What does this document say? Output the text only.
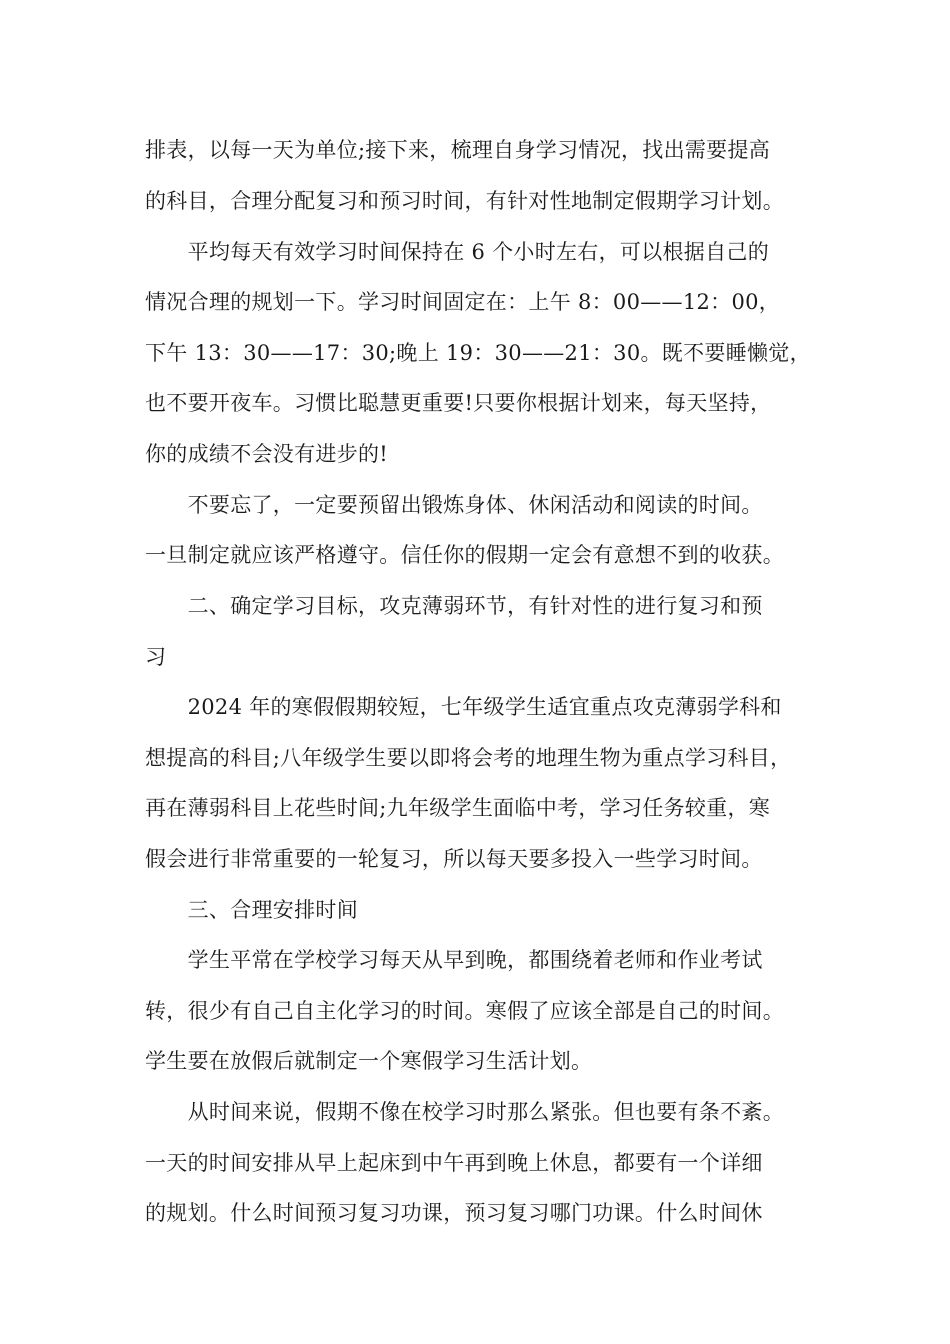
排表，以每一天为单位;接下来，梳理自身学习情况，找出需要提高
的科目，合理分配复习和预习时间，有针对性地制定假期学习计划。
　　平均每天有效学习时间保持在 6 个小时左右，可以根据自己的
情况合理的规划一下。学习时间固定在：上午 8：00——12：00，
下午 13：30——17：30;晚上 19：30——21：30。既不要睡懒觉，
也不要开夜车。习惯比聪慧更重要!只要你根据计划来，每天坚持，
你的成绩不会没有进步的!
　　不要忘了，一定要预留出锻炼身体、休闲活动和阅读的时间。
一旦制定就应该严格遵守。信任你的假期一定会有意想不到的收获。
　　二、确定学习目标，攻克薄弱环节，有针对性的进行复习和预
习
　　2024 年的寒假假期较短，七年级学生适宜重点攻克薄弱学科和
想提高的科目;八年级学生要以即将会考的地理生物为重点学习科目，
再在薄弱科目上花些时间;九年级学生面临中考，学习任务较重，寒
假会进行非常重要的一轮复习，所以每天要多投入一些学习时间。
　　三、合理安排时间
　　学生平常在学校学习每天从早到晚，都围绕着老师和作业考试
转，很少有自己自主化学习的时间。寒假了应该全部是自己的时间。
学生要在放假后就制定一个寒假学习生活计划。
　　从时间来说，假期不像在校学习时那么紧张。但也要有条不紊。
一天的时间安排从早上起床到中午再到晚上休息，都要有一个详细
的规划。什么时间预习复习功课，预习复习哪门功课。什么时间休
